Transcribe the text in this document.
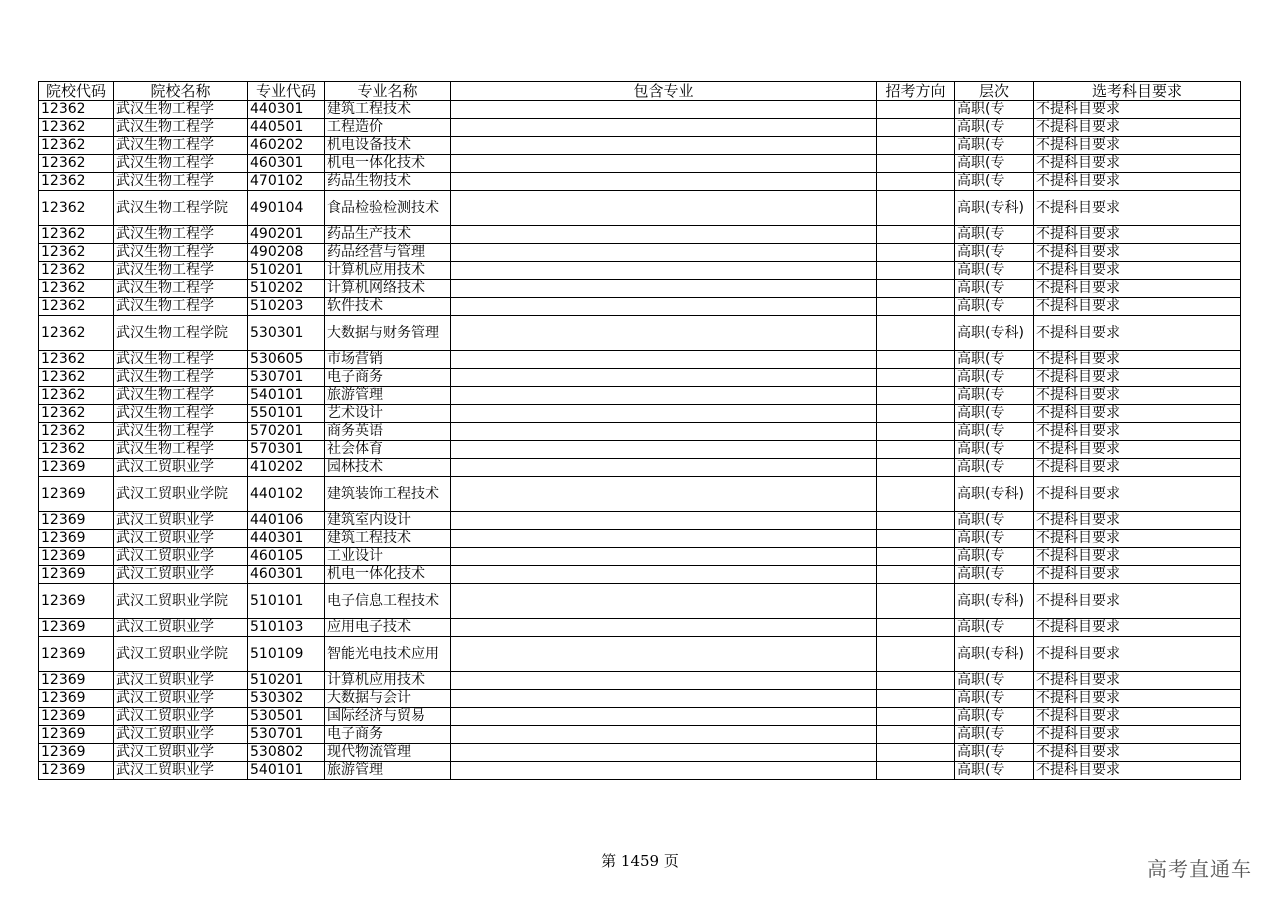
院校代码	院校名称	专业代码	专业名称	包含专业	招考方向	层次	选考科目要求
12362	武汉生物工程学	440301	建筑工程技术			高职(专	不提科目要求
12362	武汉生物工程学	440501	工程造价			高职(专	不提科目要求
12362	武汉生物工程学	460202	机电设备技术			高职(专	不提科目要求
12362	武汉生物工程学	460301	机电一体化技术			高职(专	不提科目要求
12362	武汉生物工程学	470102	药品生物技术			高职(专	不提科目要求
12362	武汉生物工程学院	490104	食品检验检测技术			高职(专科)	不提科目要求
12362	武汉生物工程学	490201	药品生产技术			高职(专	不提科目要求
12362	武汉生物工程学	490208	药品经营与管理			高职(专	不提科目要求
12362	武汉生物工程学	510201	计算机应用技术			高职(专	不提科目要求
12362	武汉生物工程学	510202	计算机网络技术			高职(专	不提科目要求
12362	武汉生物工程学	510203	软件技术			高职(专	不提科目要求
12362	武汉生物工程学院	530301	大数据与财务管理			高职(专科)	不提科目要求
12362	武汉生物工程学	530605	市场营销			高职(专	不提科目要求
12362	武汉生物工程学	530701	电子商务			高职(专	不提科目要求
12362	武汉生物工程学	540101	旅游管理			高职(专	不提科目要求
12362	武汉生物工程学	550101	艺术设计			高职(专	不提科目要求
12362	武汉生物工程学	570201	商务英语			高职(专	不提科目要求
12362	武汉生物工程学	570301	社会体育			高职(专	不提科目要求
12369	武汉工贸职业学	410202	园林技术			高职(专	不提科目要求
12369	武汉工贸职业学院	440102	建筑装饰工程技术			高职(专科)	不提科目要求
12369	武汉工贸职业学	440106	建筑室内设计			高职(专	不提科目要求
12369	武汉工贸职业学	440301	建筑工程技术			高职(专	不提科目要求
12369	武汉工贸职业学	460105	工业设计			高职(专	不提科目要求
12369	武汉工贸职业学	460301	机电一体化技术			高职(专	不提科目要求
12369	武汉工贸职业学院	510101	电子信息工程技术			高职(专科)	不提科目要求
12369	武汉工贸职业学	510103	应用电子技术			高职(专	不提科目要求
12369	武汉工贸职业学院	510109	智能光电技术应用			高职(专科)	不提科目要求
12369	武汉工贸职业学	510201	计算机应用技术			高职(专	不提科目要求
12369	武汉工贸职业学	530302	大数据与会计			高职(专	不提科目要求
12369	武汉工贸职业学	530501	国际经济与贸易			高职(专	不提科目要求
12369	武汉工贸职业学	530701	电子商务			高职(专	不提科目要求
12369	武汉工贸职业学	530802	现代物流管理			高职(专	不提科目要求
12369	武汉工贸职业学	540101	旅游管理			高职(专	不提科目要求
第 1459 页	高考直通车
